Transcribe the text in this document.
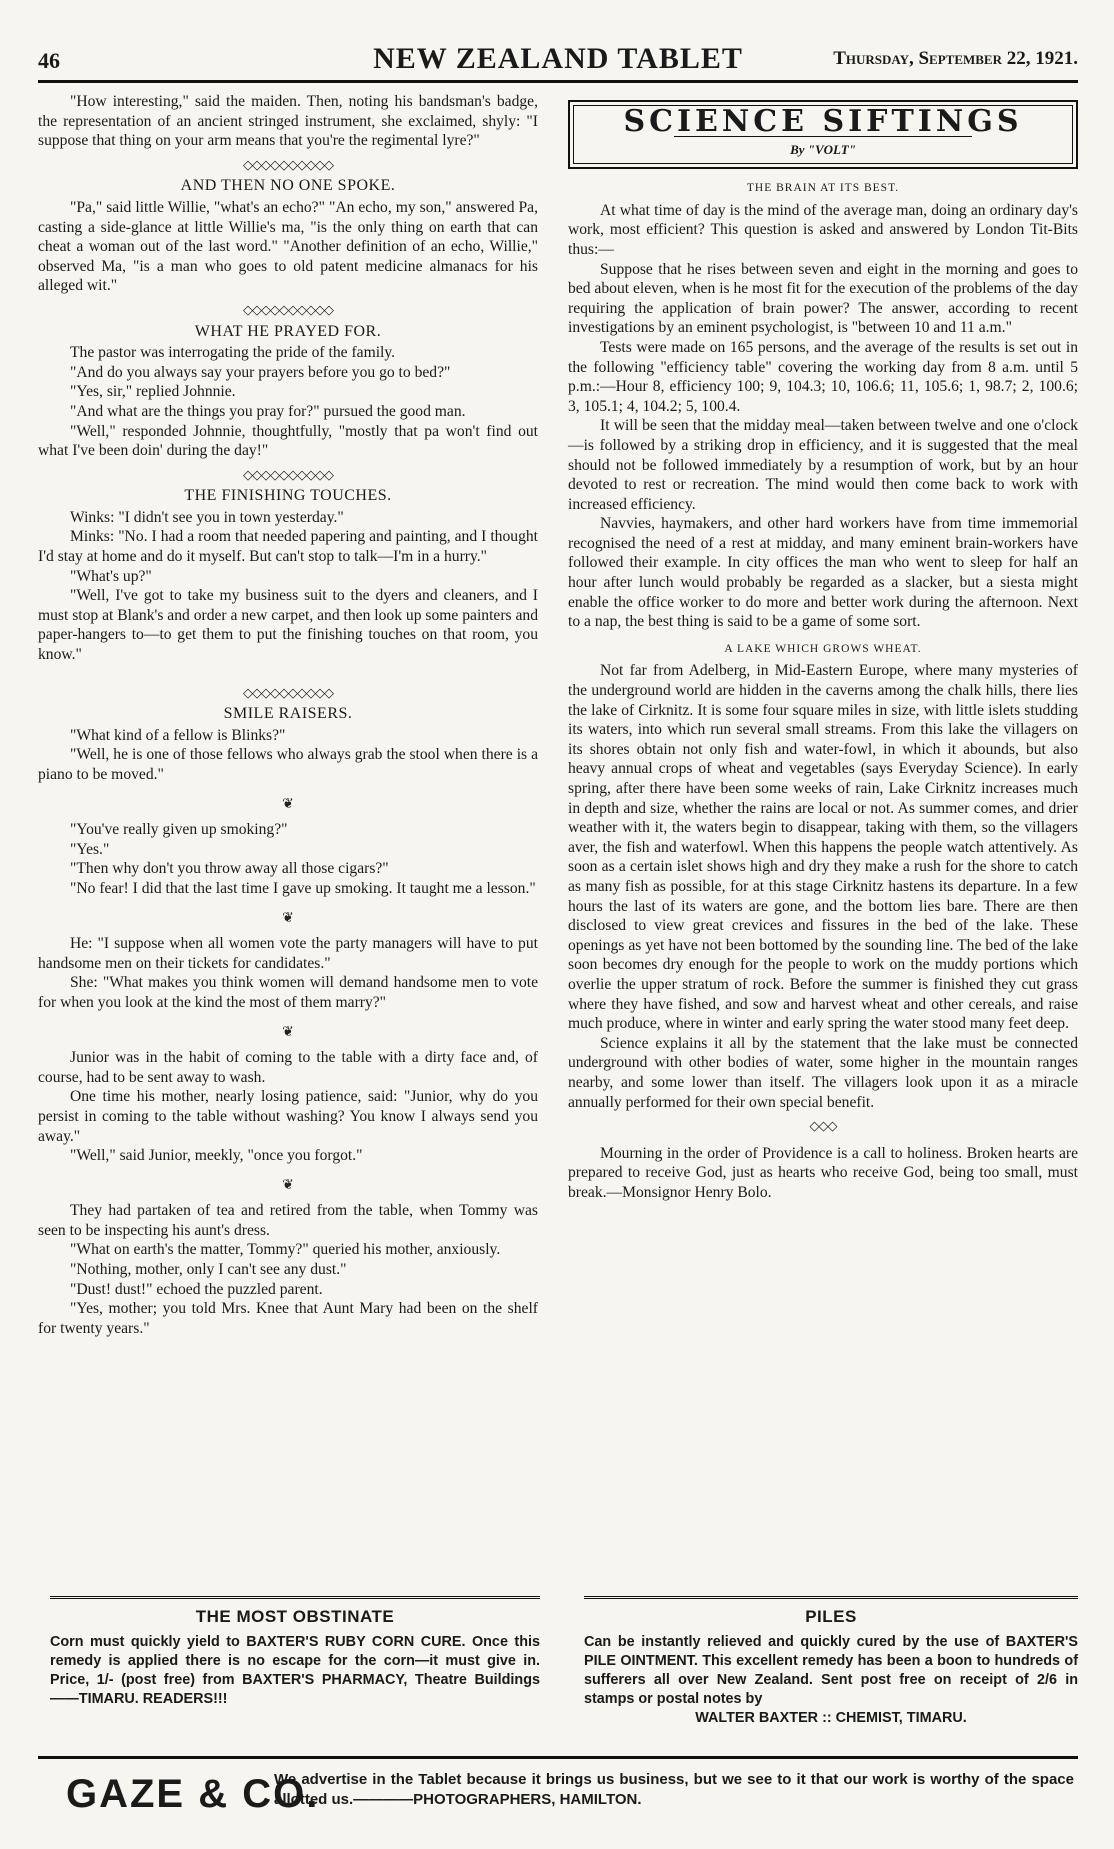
46	NEW ZEALAND TABLET	Thursday, September 22, 1921.

"How interesting," said the maiden. Then, noting his bandsman's badge, the representation of an ancient stringed instrument, she exclaimed, shyly: "I suppose that thing on your arm means that you're the regimental lyre?"

◇◇◇◇◇◇◇◇◇◇
AND THEN NO ONE SPOKE.

"Pa," said little Willie, "what's an echo?" "An echo, my son," answered Pa, casting a side-glance at little Willie's ma, "is the only thing on earth that can cheat a woman out of the last word." "Another definition of an echo, Willie," observed Ma, "is a man who goes to old patent medicine almanacs for his alleged wit."

◇◇◇◇◇◇◇◇◇◇
WHAT HE PRAYED FOR.

The pastor was interrogating the pride of the family.

"And do you always say your prayers before you go to bed?"

"Yes, sir," replied Johnnie.

"And what are the things you pray for?" pursued the good man.

"Well," responded Johnnie, thoughtfully, "mostly that pa won't find out what I've been doin' during the day!"

◇◇◇◇◇◇◇◇◇◇
THE FINISHING TOUCHES.

Winks: "I didn't see you in town yesterday."

Minks: "No. I had a room that needed papering and painting, and I thought I'd stay at home and do it myself. But can't stop to talk—I'm in a hurry."

"What's up?"

"Well, I've got to take my business suit to the dyers and cleaners, and I must stop at Blank's and order a new carpet, and then look up some painters and paper-hangers to—to get them to put the finishing touches on that room, you know."

◇◇◇◇◇◇◇◇◇◇
SMILE RAISERS.

"What kind of a fellow is Blinks?"

"Well, he is one of those fellows who always grab the stool when there is a piano to be moved."

❦

"You've really given up smoking?"

"Yes."

"Then why don't you throw away all those cigars?"

"No fear! I did that the last time I gave up smoking. It taught me a lesson."

❦

He: "I suppose when all women vote the party managers will have to put handsome men on their tickets for candidates."

She: "What makes you think women will demand handsome men to vote for when you look at the kind the most of them marry?"

❦

Junior was in the habit of coming to the table with a dirty face and, of course, had to be sent away to wash.

One time his mother, nearly losing patience, said: "Junior, why do you persist in coming to the table without washing? You know I always send you away."

"Well," said Junior, meekly, "once you forgot."

❦

They had partaken of tea and retired from the table, when Tommy was seen to be inspecting his aunt's dress.

"What on earth's the matter, Tommy?" queried his mother, anxiously.

"Nothing, mother, only I can't see any dust."

"Dust! dust!" echoed the puzzled parent.

"Yes, mother; you told Mrs. Knee that Aunt Mary had been on the shelf for twenty years."

SCIENCE SIFTINGS
By "VOLT"
THE BRAIN AT ITS BEST.

At what time of day is the mind of the average man, doing an ordinary day's work, most efficient? This question is asked and answered by London Tit-Bits thus:—

Suppose that he rises between seven and eight in the morning and goes to bed about eleven, when is he most fit for the execution of the problems of the day requiring the application of brain power? The answer, according to recent investigations by an eminent psychologist, is "between 10 and 11 a.m."

Tests were made on 165 persons, and the average of the results is set out in the following "efficiency table" covering the working day from 8 a.m. until 5 p.m.:—Hour 8, efficiency 100; 9, 104.3; 10, 106.6; 11, 105.6; 1, 98.7; 2, 100.6; 3, 105.1; 4, 104.2; 5, 100.4.

It will be seen that the midday meal—taken between twelve and one o'clock—is followed by a striking drop in efficiency, and it is suggested that the meal should not be followed immediately by a resumption of work, but by an hour devoted to rest or recreation. The mind would then come back to work with increased efficiency.

Navvies, haymakers, and other hard workers have from time immemorial recognised the need of a rest at midday, and many eminent brain-workers have followed their example. In city offices the man who went to sleep for half an hour after lunch would probably be regarded as a slacker, but a siesta might enable the office worker to do more and better work during the afternoon. Next to a nap, the best thing is said to be a game of some sort.

A LAKE WHICH GROWS WHEAT.

Not far from Adelberg, in Mid-Eastern Europe, where many mysteries of the underground world are hidden in the caverns among the chalk hills, there lies the lake of Cirknitz. It is some four square miles in size, with little islets studding its waters, into which run several small streams. From this lake the villagers on its shores obtain not only fish and water-fowl, in which it abounds, but also heavy annual crops of wheat and vegetables (says Everyday Science). In early spring, after there have been some weeks of rain, Lake Cirknitz increases much in depth and size, whether the rains are local or not. As summer comes, and drier weather with it, the waters begin to disappear, taking with them, so the villagers aver, the fish and waterfowl. When this happens the people watch attentively. As soon as a certain islet shows high and dry they make a rush for the shore to catch as many fish as possible, for at this stage Cirknitz hastens its departure. In a few hours the last of its waters are gone, and the bottom lies bare. There are then disclosed to view great crevices and fissures in the bed of the lake. These openings as yet have not been bottomed by the sounding line. The bed of the lake soon becomes dry enough for the people to work on the muddy portions which overlie the upper stratum of rock. Before the summer is finished they cut grass where they have fished, and sow and harvest wheat and other cereals, and raise much produce, where in winter and early spring the water stood many feet deep.

Science explains it all by the statement that the lake must be connected underground with other bodies of water, some higher in the mountain ranges nearby, and some lower than itself. The villagers look upon it as a miracle annually performed for their own special benefit.

◇◇◇

Mourning in the order of Providence is a call to holiness. Broken hearts are prepared to receive God, just as hearts who receive God, being too small, must break.—Monsignor Henry Bolo.

THE MOST OBSTINATE
Corn must quickly yield to BAXTER'S RUBY CORN CURE. Once this remedy is applied there is no escape for the corn—it must give in. Price, 1/- (post free) from BAXTER'S PHARMACY, Theatre Buildings——TIMARU. READERS!!!
PILES
Can be instantly relieved and quickly cured by the use of BAXTER'S PILE OINTMENT. This excellent remedy has been a boon to hundreds of sufferers all over New Zealand. Sent post free on receipt of 2/6 in stamps or postal notes by
WALTER BAXTER :: CHEMIST, TIMARU.
GAZE & CO.
We advertise in the Tablet because it brings us business, but we see to it that our work is worthy of the space allotted us.————PHOTOGRAPHERS, HAMILTON.
